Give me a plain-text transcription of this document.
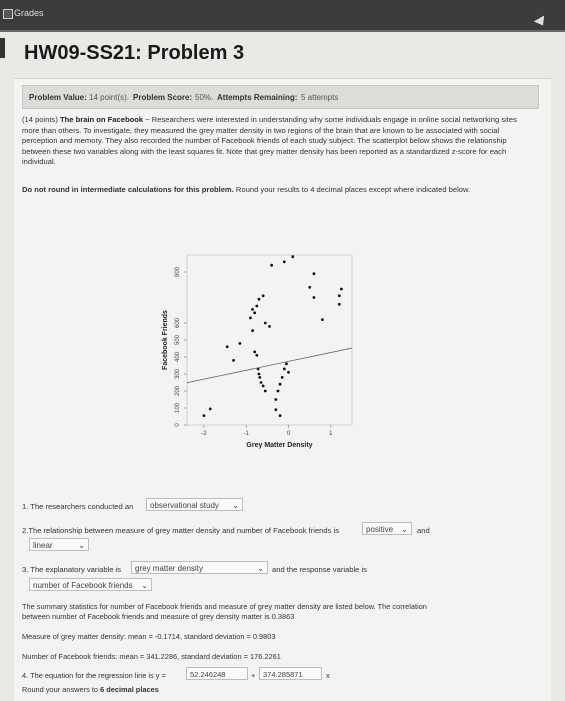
Grades
HW09-SS21: Problem 3
Problem Value: 14 point(s). Problem Score: 50%. Attempts Remaining: 5 attempts
(14 points) The brain on Facebook ~ Researchers were interested in understanding why some individuals engage in online social networking sites more than others. To investigate, they measured the grey matter density in two regions of the brain that are known to be associated with social perception and memory. They also recorded the number of Facebook friends of each study subject. The scatterplot below shows the relationship between these two variables along with the least squares fit. Note that grey matter density has been reported as a standardized z-score for each individual.
Do not round in intermediate calculations for this problem. Round your results to 4 decimal places except where indicated below.
0
100
200
300
400
500
600
900
-2	-1	0	1
Grey Matter Density
Facebook Friends
1. The researchers conducted an	observational study ⌄
2.The relationship between measure of grey matter density and number of Facebook friends is	positive ⌄ and
linear	⌄
3. The explanatory variable is	grey matter density	⌄ and the response variable is
number of Facebook friends ⌄
The summary statistics for number of Facebook friends and measure of grey matter density are listed below. The correlation
between number of Facebook friends and measure of grey density matter is 0.3863
Measure of grey matter density: mean = -0.1714, standard deviation = 0.9803
Number of Facebook friends: mean = 341.2286, standard deviation = 176.2261
4. The equation for the regression line is y =	52.246248	+	374.285871	x
Round your answers to 6 decimal places
